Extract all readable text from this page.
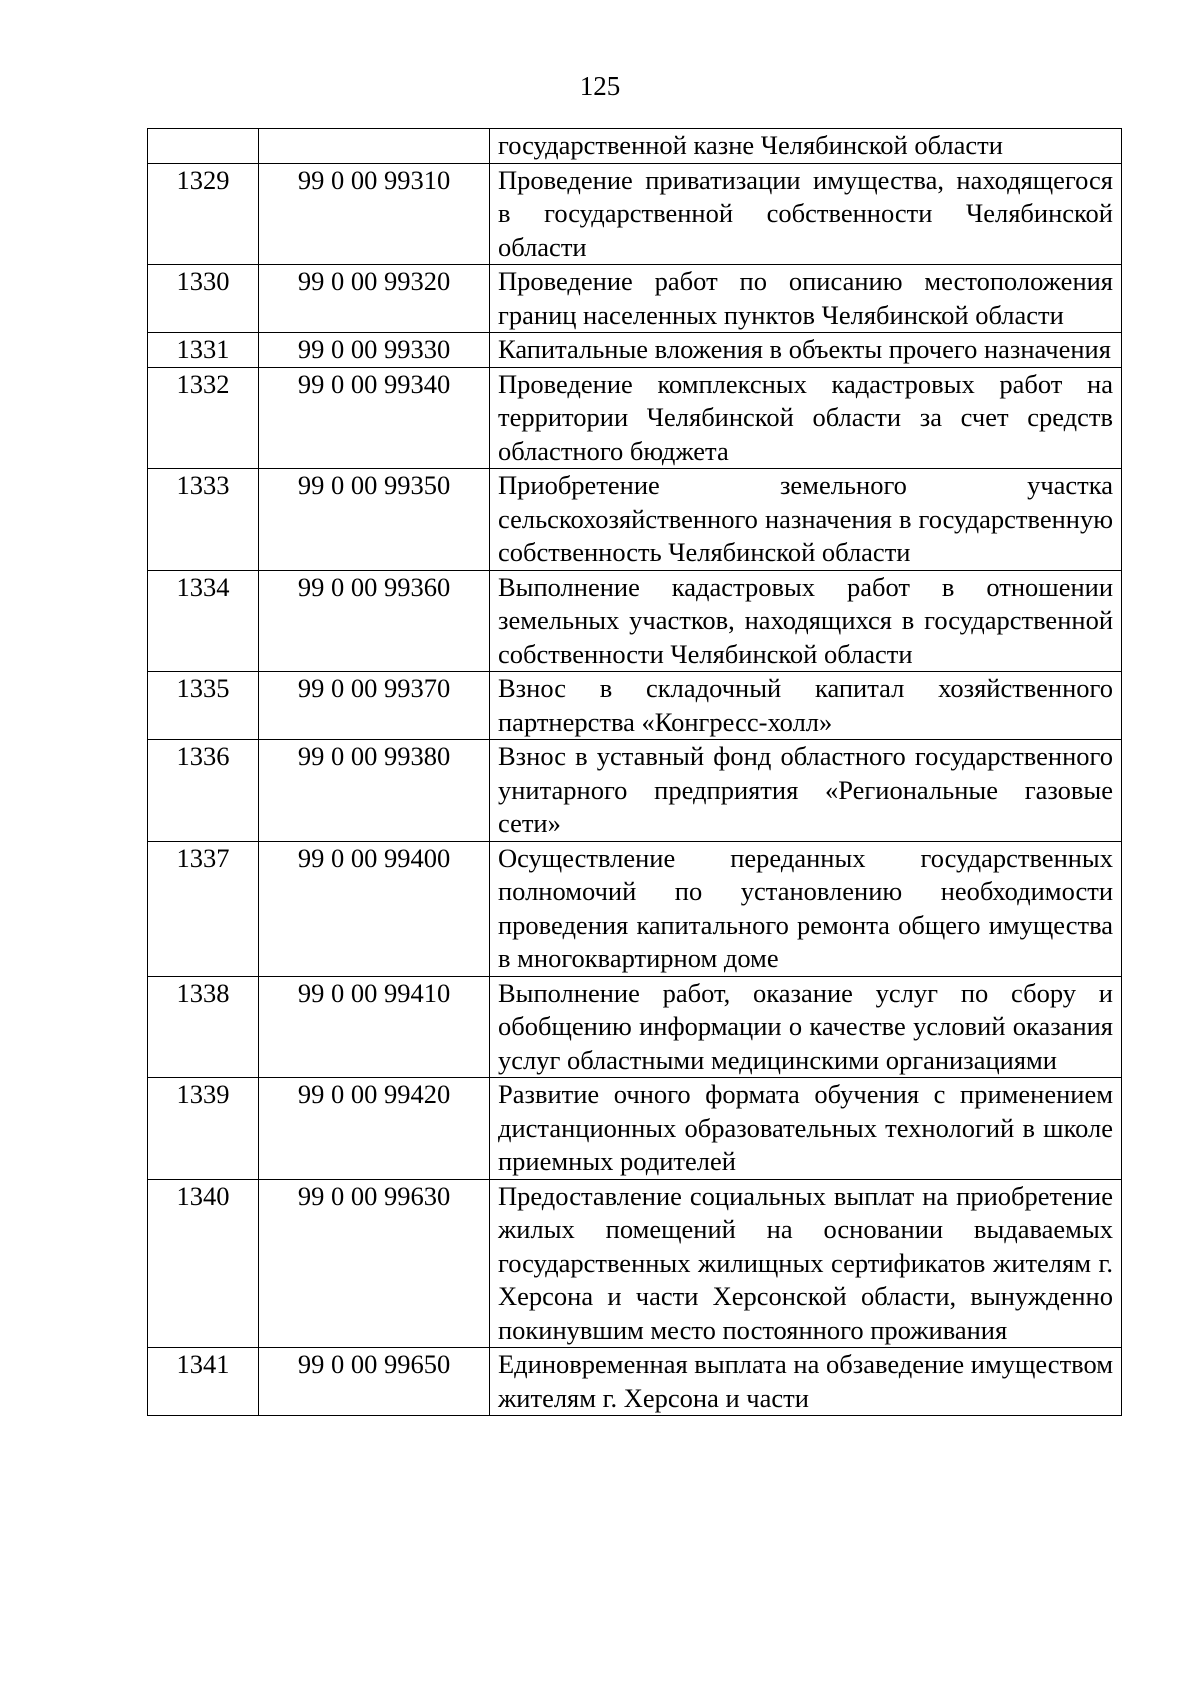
125
		государственной казне Челябинской области
1329	99 0 00 99310	Проведение приватизации имущества, находящегося в государственной собственности Челябинской области
1330	99 0 00 99320	Проведение работ по описанию местоположения границ населенных пунктов Челябинской области
1331	99 0 00 99330	Капитальные вложения в объекты прочего назначения
1332	99 0 00 99340	Проведение комплексных кадастровых работ на территории Челябинской области за счет средств областного бюджета
1333	99 0 00 99350	Приобретение земельного участка сельскохозяйственного назначения в государственную собственность Челябинской области
1334	99 0 00 99360	Выполнение кадастровых работ в отношении земельных участков, находящихся в государственной собственности Челябинской области
1335	99 0 00 99370	Взнос в складочный капитал хозяйственного партнерства «Конгресс-холл»
1336	99 0 00 99380	Взнос в уставный фонд областного государственного унитарного предприятия «Региональные газовые сети»
1337	99 0 00 99400	Осуществление переданных государственных полномочий по установлению необходимости проведения капитального ремонта общего имущества в многоквартирном доме
1338	99 0 00 99410	Выполнение работ, оказание услуг по сбору и обобщению информации о качестве условий оказания услуг областными медицинскими организациями
1339	99 0 00 99420	Развитие очного формата обучения с применением дистанционных образовательных технологий в школе приемных родителей
1340	99 0 00 99630	Предоставление социальных выплат на приобретение жилых помещений на основании выдаваемых государственных жилищных сертификатов жителям г. Херсона и части Херсонской области, вынужденно покинувшим место постоянного проживания
1341	99 0 00 99650	Единовременная выплата на обзаведение имуществом жителям г. Херсона и части
